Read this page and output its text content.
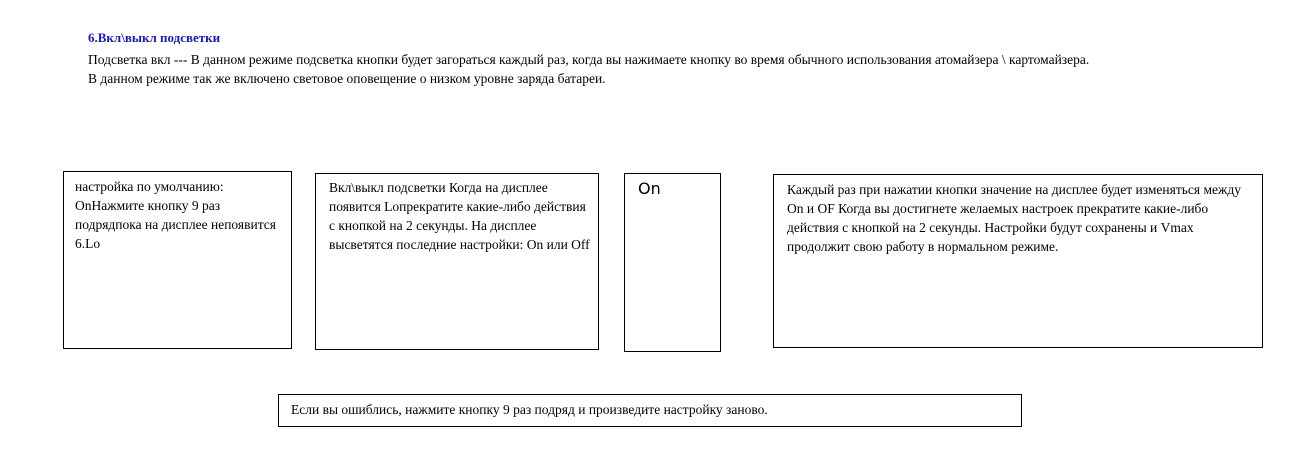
6.Вкл\выкл подсветки

Подсветка вкл --- В данном режиме подсветка кнопки будет загораться каждый раз, когда вы нажимаете кнопку во время обычного использования атомайзера \ картомайзера.

В данном режиме так же включено световое оповещение о низком уровне заряда батареи.

настройка по умолчанию: OnНажмите кнопку 9 раз подрядпока на дисплее непоявится 6.Lo
Вкл\выкл подсветки Когда на дисплее появится Loпрекратите какие-либо действия с кнопкой на 2 секунды. На дисплее высветятся последние настройки: On или Off
On	Каждый раз при нажатии кнопки значение на дисплее будет изменяться между On и OF Когда вы достигнете желаемых настроек прекратите какие-либо действия с кнопкой на 2 секунды. Настройки будут сохранены и Vmax продолжит свою работу в нормальном режиме.
Если вы ошиблись, нажмите кнопку 9 раз подряд и произведите настройку заново.
